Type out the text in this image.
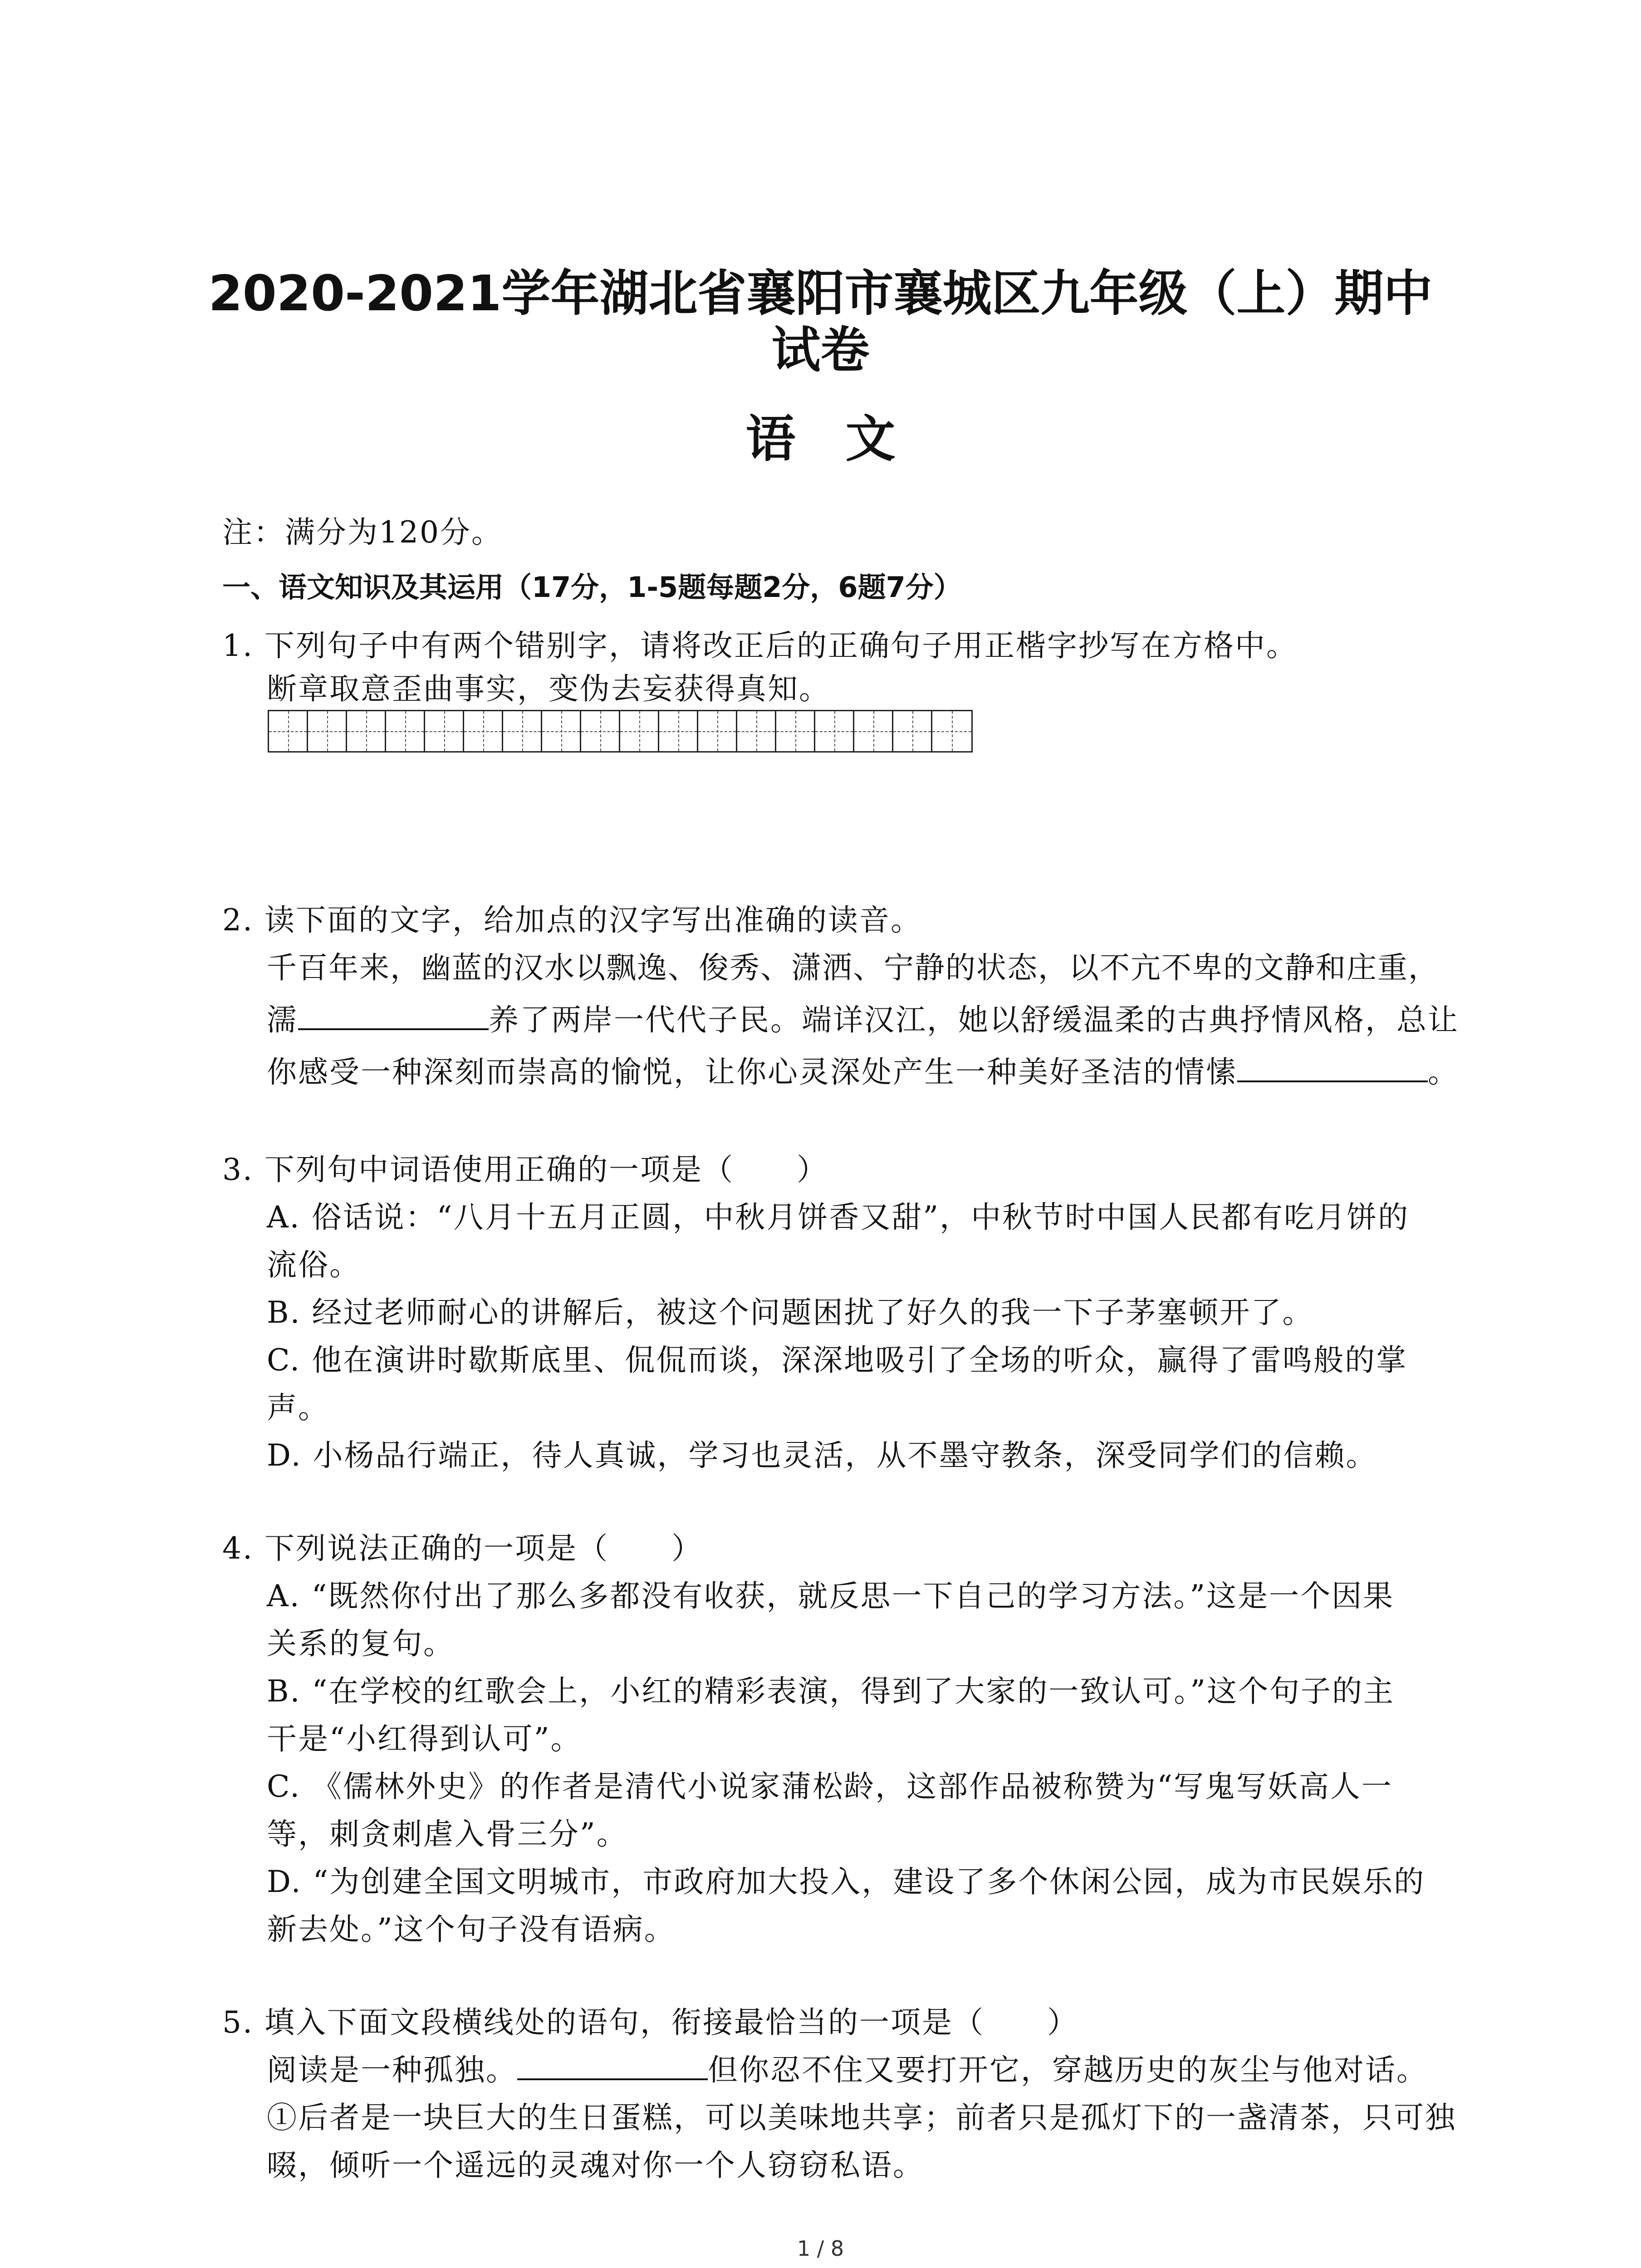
2020-2021学年湖北省襄阳市襄城区九年级（上）期中
试卷
语　文
注：满分为120分。
一、语文知识及其运用（17分，1-5题每题2分，6题7分）
1. 下列句子中有两个错别字，请将改正后的正确句子用正楷字抄写在方格中。
断章取意歪曲事实，变伪去妄获得真知。
2. 读下面的文字，给加点的汉字写出准确的读音。
千百年来，幽蓝的汉水以飘逸、俊秀、潇洒、宁静的状态，以不亢不卑的文静和庄重，
濡	养了两岸一代代子民。端详汉江，她以舒缓温柔的古典抒情风格，总让
你感受一种深刻而崇高的愉悦，让你心灵深处产生一种美好圣洁的情愫	。
3. 下列句中词语使用正确的一项是（　　）
A. 俗话说：“八月十五月正圆，中秋月饼香又甜”，中秋节时中国人民都有吃月饼的
流俗。
B. 经过老师耐心的讲解后，被这个问题困扰了好久的我一下子茅塞顿开了。
C. 他在演讲时歇斯底里、侃侃而谈，深深地吸引了全场的听众，赢得了雷鸣般的掌
声。
D. 小杨品行端正，待人真诚，学习也灵活，从不墨守教条，深受同学们的信赖。
4. 下列说法正确的一项是（　　）
A. “既然你付出了那么多都没有收获，就反思一下自己的学习方法。”这是一个因果
关系的复句。
B. “在学校的红歌会上，小红的精彩表演，得到了大家的一致认可。”这个句子的主
干是“小红得到认可”。
C. 《儒林外史》的作者是清代小说家蒲松龄，这部作品被称赞为“写鬼写妖高人一
等，刺贪刺虐入骨三分”。
D. “为创建全国文明城市，市政府加大投入，建设了多个休闲公园，成为市民娱乐的
新去处。”这个句子没有语病。
5. 填入下面文段横线处的语句，衔接最恰当的一项是（　　）
阅读是一种孤独。	但你忍不住又要打开它，穿越历史的灰尘与他对话。
①后者是一块巨大的生日蛋糕，可以美味地共享；前者只是孤灯下的一盏清茶，只可独
啜，倾听一个遥远的灵魂对你一个人窃窃私语。
1 / 8
